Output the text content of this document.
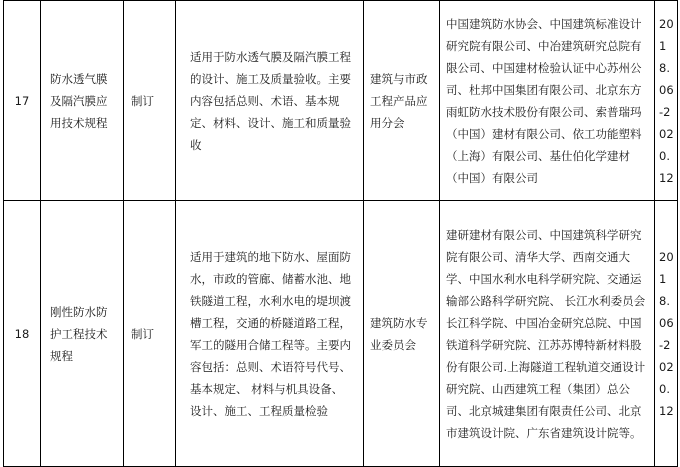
17	防水透气膜及隔汽膜应用技术规程	制订	适用于防水透气膜及隔汽膜工程的设计、施工及质量验收。主要内容包括总则、术语、基本规定、材料、设计、施工和质量验收	建筑与市政工程产品应用分会	中国建筑防水协会、中国建筑标准设计研究院有限公司、中冶建筑研究总院有限公司、中国建材检验认证中心苏州公司、杜邦中国集团有限公司、北京东方雨虹防水技术股份有限公司、索普瑞玛（中国）建材有限公司、依工功能塑料（上海）有限公司、基仕伯化学建材（中国）有限公司	2018.06-2020.12
18	刚性防水防护工程技术规程	制订	适用于建筑的地下防水、屋面防水，市政的管廊、储蓄水池、地铁隧道工程，水利水电的堤坝渡槽工程，交通的桥隧道路工程，军工的隧用合储工程等。主要内容包括：总则、术语符号代号、基本规定、 材料与机具设备、设计、施工、工程质量检验	建筑防水专业委员会	建研建材有限公司、中国建筑科学研究院有限公司、清华大学、西南交通大学、中国水利水电科学研究院、交通运输部公路科学研究院、 长江水利委员会长江科学院、中国冶金研究总院、中国铁道科学研究院、江苏苏博特新材料股份有限公司.上海隧道工程轨道交通设计研究院、山西建筑工程（集团）总公司、北京城建集团有限责任公司、北京市建筑设计院、广东省建筑设计院等。	2018.06-2020.12
